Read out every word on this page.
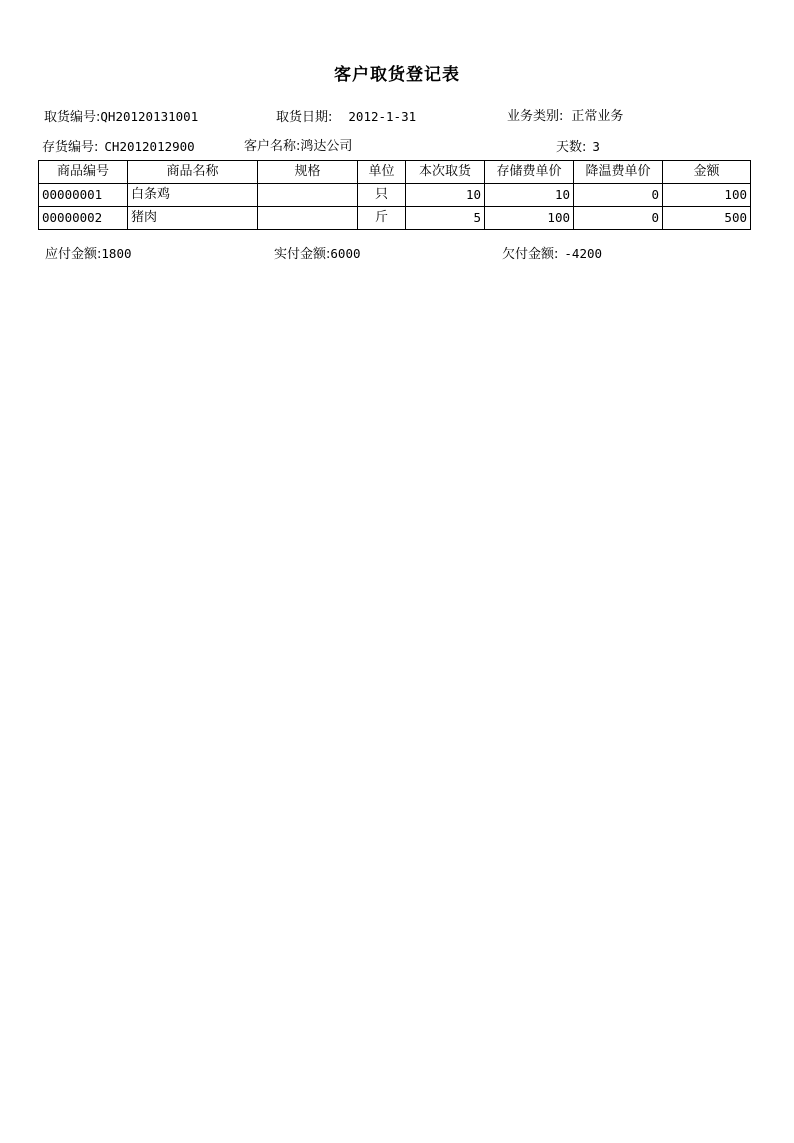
客户取货登记表
取货编号:QH20120131001	取货日期: 2012-1-31	业务类别: 正常业务
存货编号: CH2012012900	客户名称:鸿达公司	天数: 3
商品编号	商品名称	规格	单位	本次取货	存储费单价	降温费单价	金额
00000001	白条鸡		只	10	10	0	100
00000002	猪肉		斤	5	100	0	500
应付金额:1800	实付金额:6000	欠付金额: -4200
